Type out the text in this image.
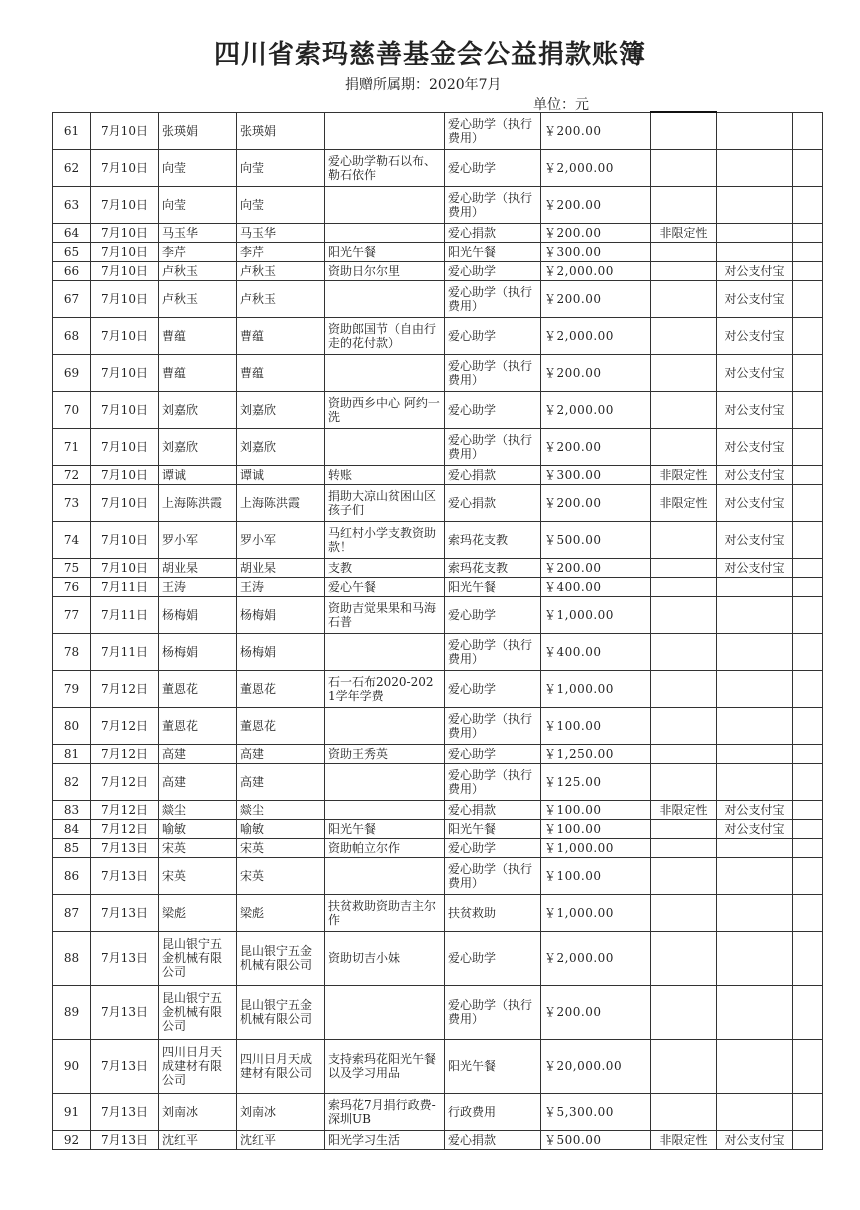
四川省索玛慈善基金会公益捐款账簿
捐赠所属期：2020年7月
单位：元
61	7月10日	张瑛娟	张瑛娟		爱心助学（执行费用）	￥200.00			
62	7月10日	向莹	向莹	爱心助学勒石以布、勒石依作	爱心助学	￥2,000.00			
63	7月10日	向莹	向莹		爱心助学（执行费用）	￥200.00			
64	7月10日	马玉华	马玉华		爱心捐款	￥200.00	非限定性		
65	7月10日	李芹	李芹	阳光午餐	阳光午餐	￥300.00			
66	7月10日	卢秋玉	卢秋玉	资助日尔尔里	爱心助学	￥2,000.00		对公支付宝	
67	7月10日	卢秋玉	卢秋玉		爱心助学（执行费用）	￥200.00		对公支付宝	
68	7月10日	曹蕴	曹蕴	资助郎国节（自由行走的花付款）	爱心助学	￥2,000.00		对公支付宝	
69	7月10日	曹蕴	曹蕴		爱心助学（执行费用）	￥200.00		对公支付宝	
70	7月10日	刘嘉欣	刘嘉欣	资助西乡中心 阿约一洗	爱心助学	￥2,000.00		对公支付宝	
71	7月10日	刘嘉欣	刘嘉欣		爱心助学（执行费用）	￥200.00		对公支付宝	
72	7月10日	谭诚	谭诚	转账	爱心捐款	￥300.00	非限定性	对公支付宝	
73	7月10日	上海陈洪霞	上海陈洪霞	捐助大凉山贫困山区孩子们	爱心捐款	￥200.00	非限定性	对公支付宝	
74	7月10日	罗小军	罗小军	马红村小学支教资助款！	索玛花支教	￥500.00		对公支付宝	
75	7月10日	胡业杲	胡业杲	支教	索玛花支教	￥200.00		对公支付宝	
76	7月11日	王涛	王涛	爱心午餐	阳光午餐	￥400.00			
77	7月11日	杨梅娟	杨梅娟	资助吉觉果果和马海石普	爱心助学	￥1,000.00			
78	7月11日	杨梅娟	杨梅娟		爱心助学（执行费用）	￥400.00			
79	7月12日	董恩花	董恩花	石一石布2020-2021学年学费	爱心助学	￥1,000.00			
80	7月12日	董恩花	董恩花		爱心助学（执行费用）	￥100.00			
81	7月12日	高建	高建	资助王秀英	爱心助学	￥1,250.00			
82	7月12日	高建	高建		爱心助学（执行费用）	￥125.00			
83	7月12日	燚尘	燚尘		爱心捐款	￥100.00	非限定性	对公支付宝	
84	7月12日	喻敏	喻敏	阳光午餐	阳光午餐	￥100.00		对公支付宝	
85	7月13日	宋英	宋英	资助帕立尔作	爱心助学	￥1,000.00			
86	7月13日	宋英	宋英		爱心助学（执行费用）	￥100.00			
87	7月13日	梁彪	梁彪	扶贫救助资助吉主尔作	扶贫救助	￥1,000.00			
88	7月13日	昆山银宁五金机械有限公司	昆山银宁五金机械有限公司	资助切吉小妹	爱心助学	￥2,000.00			
89	7月13日	昆山银宁五金机械有限公司	昆山银宁五金机械有限公司		爱心助学（执行费用）	￥200.00			
90	7月13日	四川日月天成建材有限公司	四川日月天成建材有限公司	支持索玛花阳光午餐以及学习用品	阳光午餐	￥20,000.00			
91	7月13日	刘南冰	刘南冰	索玛花7月捐行政费-深圳UB	行政费用	￥5,300.00			
92	7月13日	沈红平	沈红平	阳光学习生活	爱心捐款	￥500.00	非限定性	对公支付宝	
